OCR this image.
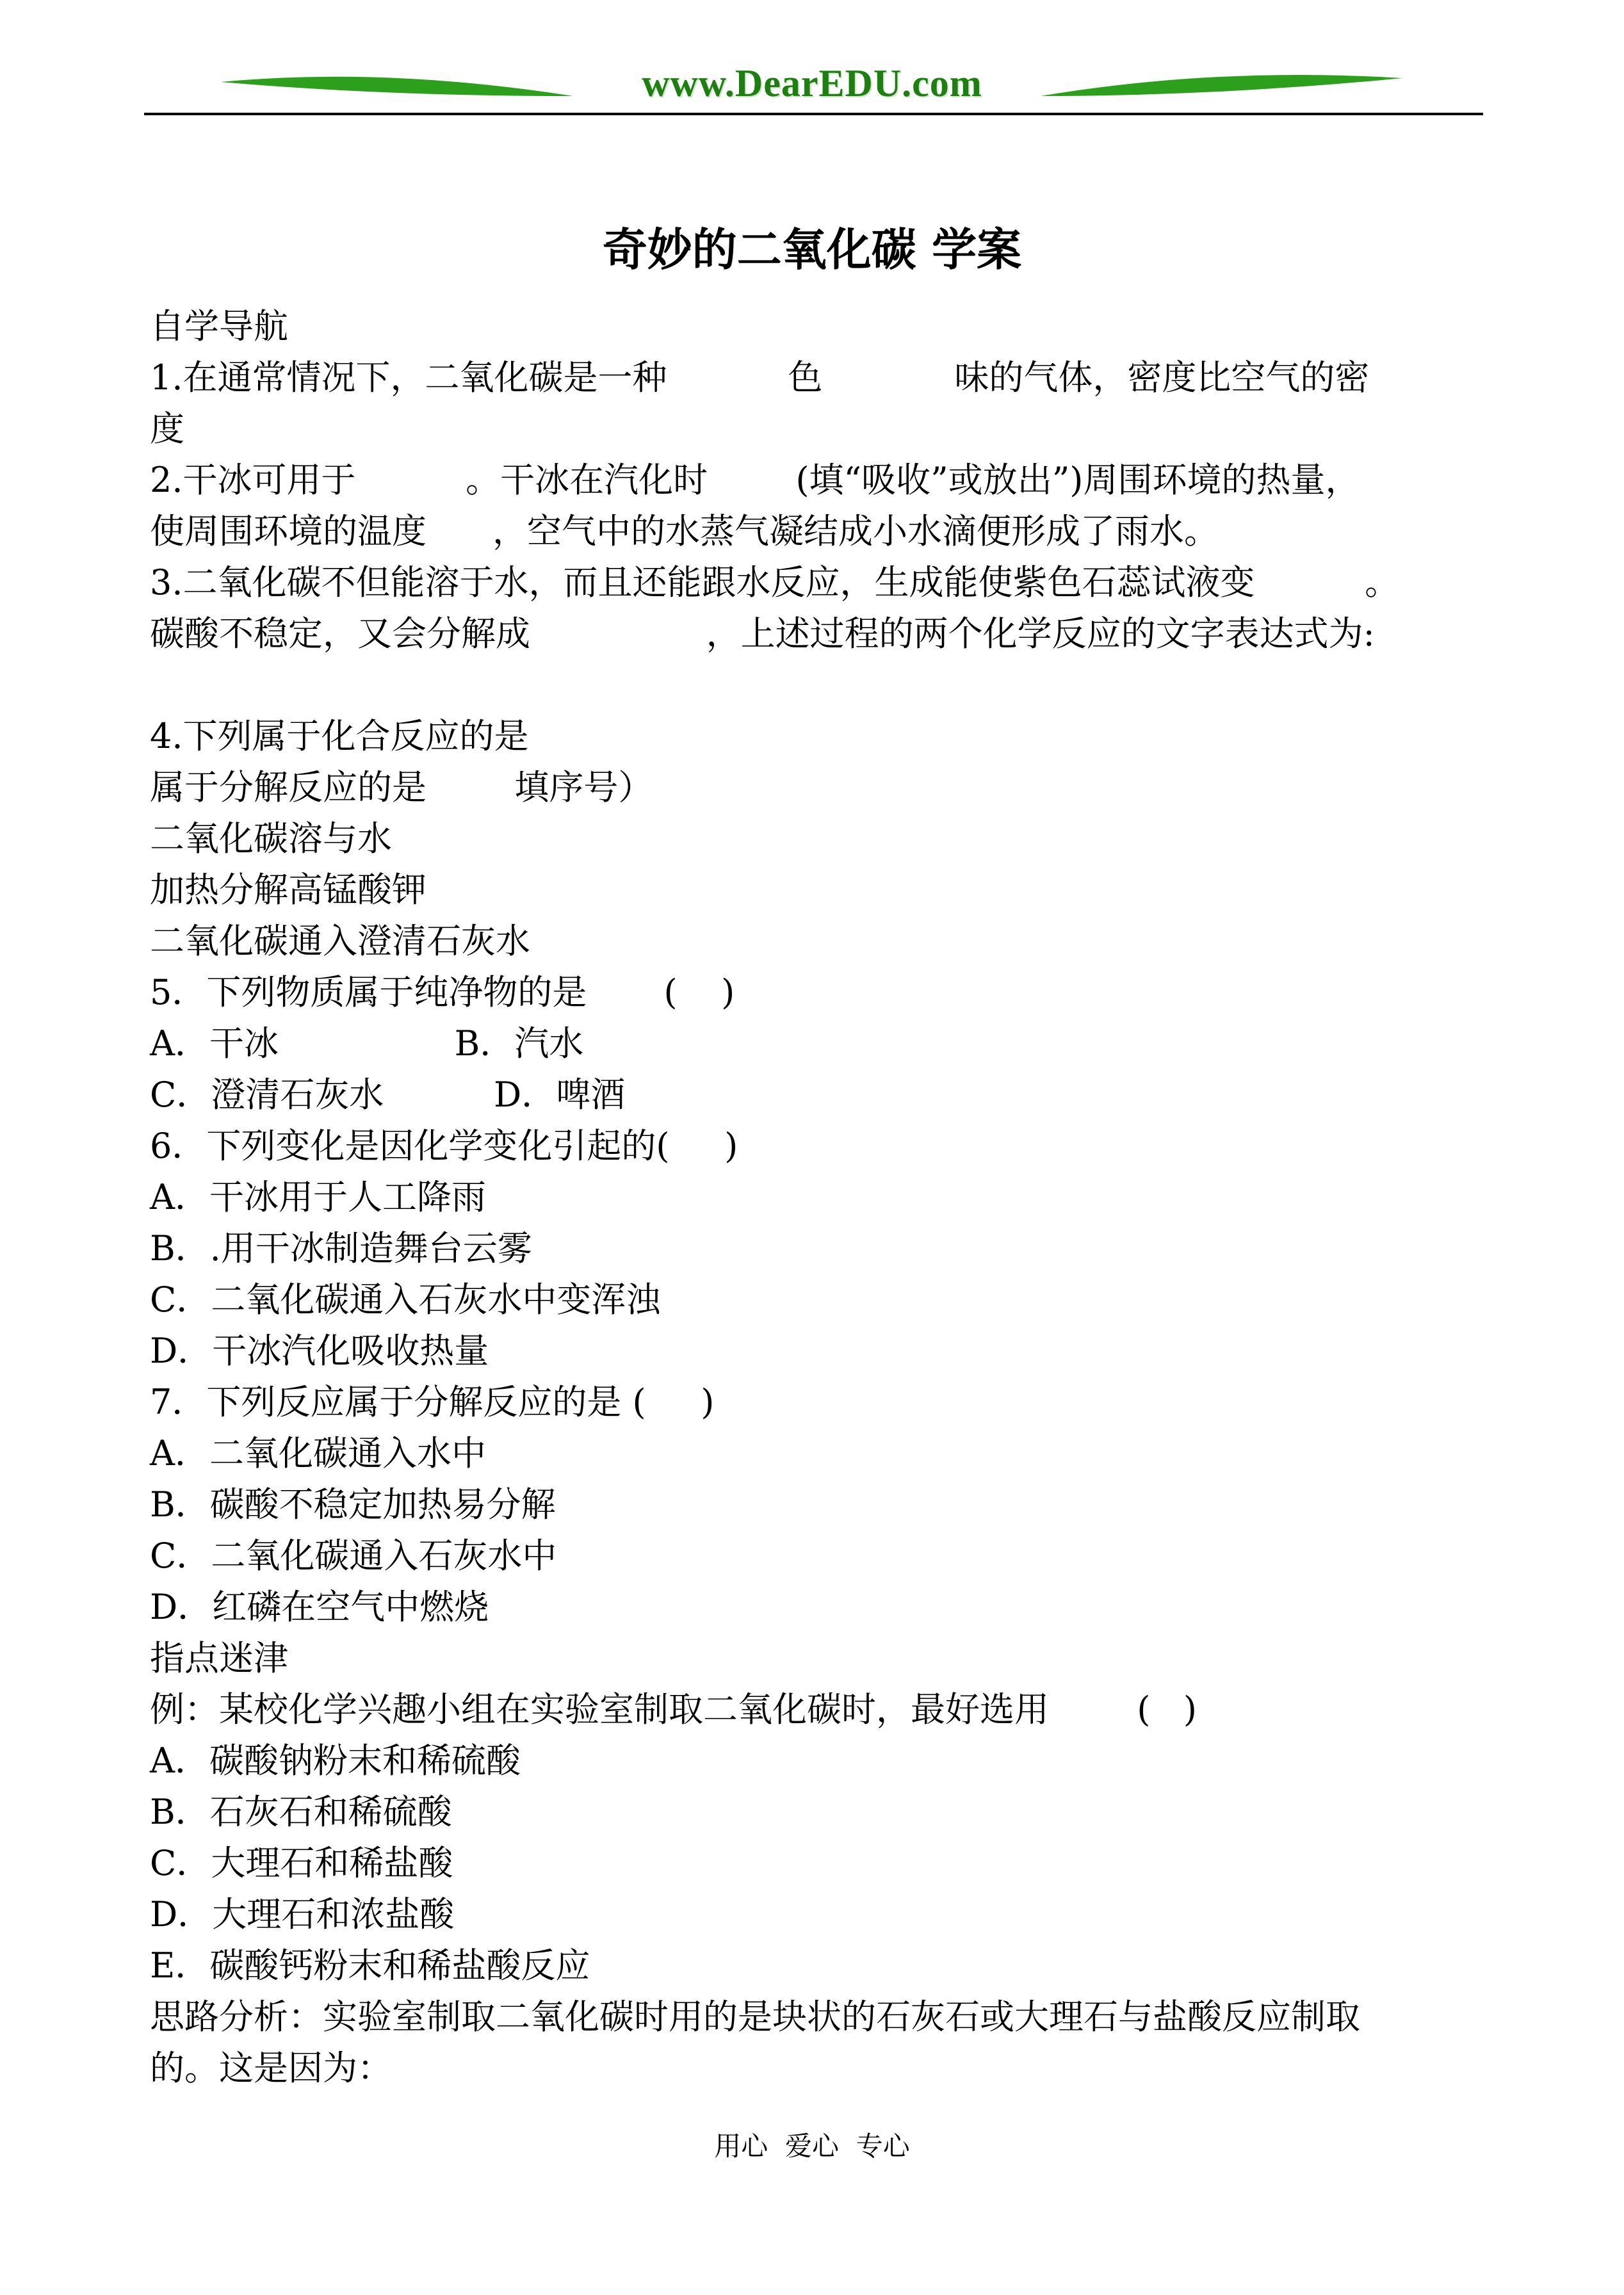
www.DearEDU.com
奇妙的二氧化碳 学案

自学导航

1.在通常情况下，二氧化碳是一种           色            味的气体，密度比空气的密

度

2.干冰可用于          。干冰在汽化时        (填“吸收”或放出”)周围环境的热量，

使周围环境的温度      ，空气中的水蒸气凝结成小水滴便形成了雨水。

3.二氧化碳不但能溶于水，而且还能跟水反应，生成能使紫色石蕊试液变          。

碳酸不稳定，又会分解成                ，上述过程的两个化学反应的文字表达式为:

4.下列属于化合反应的是

属于分解反应的是        填序号）

二氧化碳溶与水

加热分解高锰酸钾

二氧化碳通入澄清石灰水

5．下列物质属于纯净物的是       (    )

A．干冰                B．汽水

C．澄清石灰水          D．啤酒

6．下列变化是因化学变化引起的(     )

A．干冰用于人工降雨

B．.用干冰制造舞台云雾

C．二氧化碳通入石灰水中变浑浊

D．干冰汽化吸收热量

7．下列反应属于分解反应的是 (     )

A．二氧化碳通入水中

B．碳酸不稳定加热易分解

C．二氧化碳通入石灰水中

D．红磷在空气中燃烧

指点迷津

例：某校化学兴趣小组在实验室制取二氧化碳时，最好选用        (   )

A．碳酸钠粉末和稀硫酸

B．石灰石和稀硫酸

C．大理石和稀盐酸

D．大理石和浓盐酸

E．碳酸钙粉末和稀盐酸反应

思路分析：实验室制取二氧化碳时用的是块状的石灰石或大理石与盐酸反应制取

的。这是因为：

用心  爱心  专心
